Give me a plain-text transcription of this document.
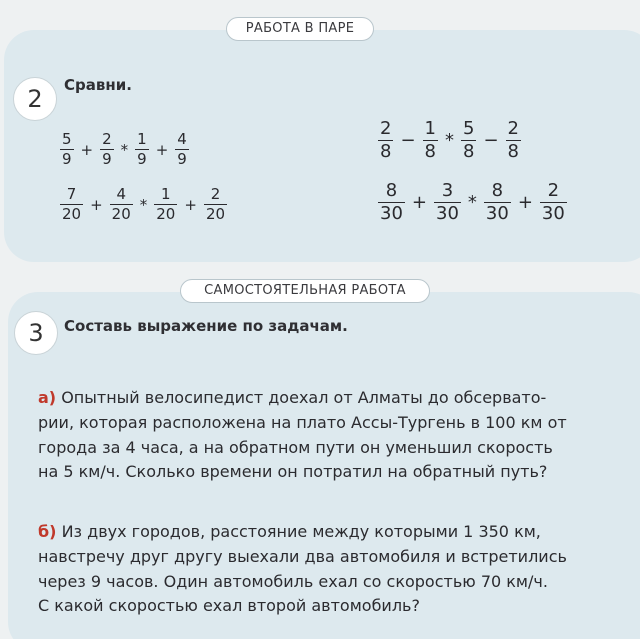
РАБОТА В ПАРЕ
2	Сравни.
$\frac{5}{9} + \frac{2}{9} * \frac{1}{9} + \frac{4}{9}$
$\frac{7}{20} + \frac{4}{20} * \frac{1}{20} + \frac{2}{20}$
$\frac{2}{8} - \frac{1}{8} * \frac{5}{8} - \frac{2}{8}$
$\frac{8}{30} + \frac{3}{30} * \frac{8}{30} + \frac{2}{30}$
САМОСТОЯТЕЛЬНАЯ РАБОТА
3	Составь выражение по задачам.
а) Опытный велосипедист доехал от Алматы до обсервато-
рии, которая расположена на плато Ассы-Тургень в 100 км от
города за 4 часа, а на обратном пути он уменьшил скорость
на 5 км/ч. Сколько времени он потратил на обратный путь?
б) Из двух городов, расстояние между которыми 1 350 км,
навстречу друг другу выехали два автомобиля и встретились
через 9 часов. Один автомобиль ехал со скоростью 70 км/ч.
С какой скоростью ехал второй автомобиль?
